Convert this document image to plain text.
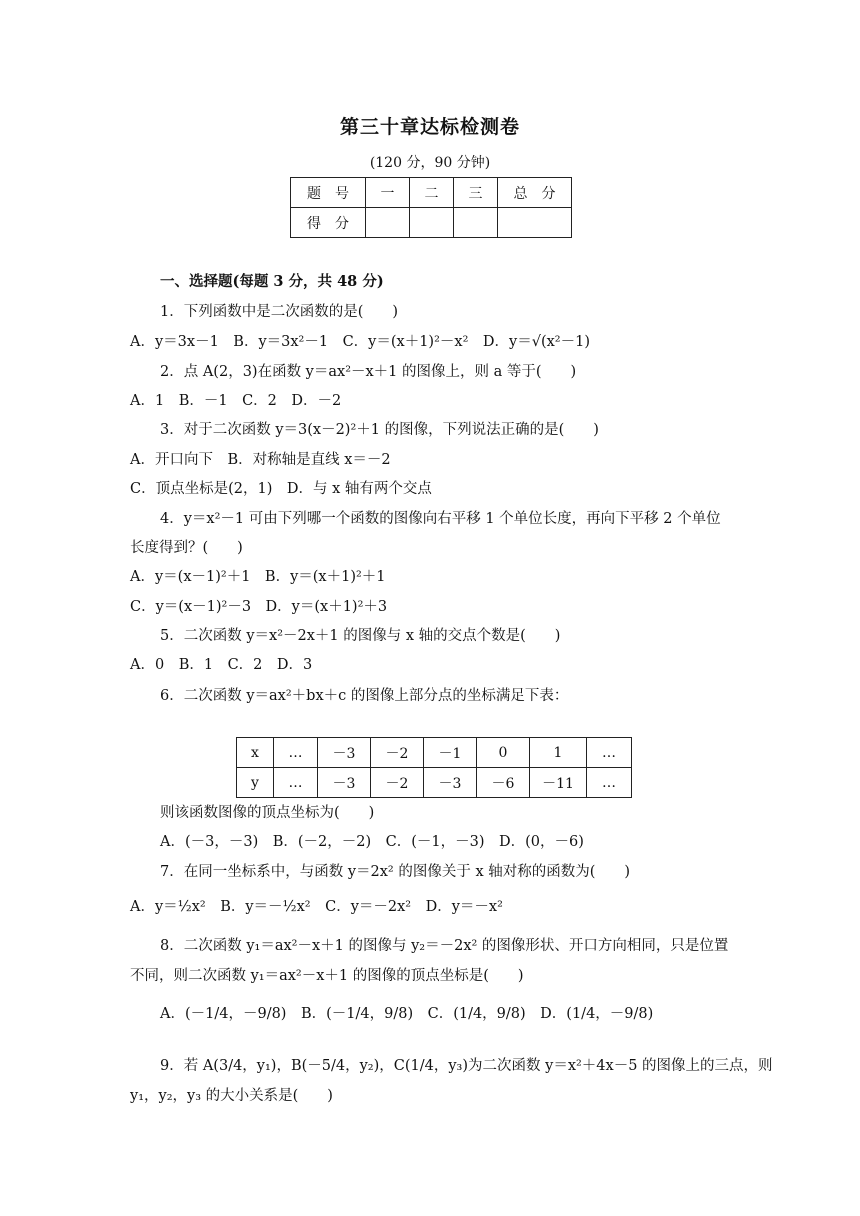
第三十章达标检测卷
(120 分，90 分钟)
题　号	一	二	三	总　分
得　分				
一、选择题(每题 3 分，共 48 分)
1．下列函数中是二次函数的是(　　)
A．y＝3x－1　B．y＝3x²－1　C．y＝(x＋1)²－x²　D．y＝√(x²－1)
2．点 A(2，3)在函数 y＝ax²－x＋1 的图像上，则 a 等于(　　)
A．1　B．－1　C．2　D．－2
3．对于二次函数 y＝3(x－2)²＋1 的图像，下列说法正确的是(　　)
A．开口向下　B．对称轴是直线 x＝－2
C．顶点坐标是(2，1)　D．与 x 轴有两个交点
4．y＝x²－1 可由下列哪一个函数的图像向右平移 1 个单位长度，再向下平移 2 个单位
长度得到？(　　)
A．y＝(x－1)²＋1　B．y＝(x＋1)²＋1
C．y＝(x－1)²－3　D．y＝(x＋1)²＋3
5．二次函数 y＝x²－2x＋1 的图像与 x 轴的交点个数是(　　)
A．0　B．1　C．2　D．3
6．二次函数 y＝ax²＋bx＋c 的图像上部分点的坐标满足下表：
x	…	－3	－2	－1	0	1	…
y	…	－3	－2	－3	－6	－11	…
则该函数图像的顶点坐标为(　　)
A．(－3，－3)　B．(－2，－2)　C．(－1，－3)　D．(0，－6)
7．在同一坐标系中，与函数 y＝2x² 的图像关于 x 轴对称的函数为(　　)
A．y＝½x²　B．y＝－½x²　C．y＝－2x²　D．y＝－x²
8．二次函数 y₁＝ax²－x＋1 的图像与 y₂＝－2x² 的图像形状、开口方向相同，只是位置
不同，则二次函数 y₁＝ax²－x＋1 的图像的顶点坐标是(　　)
A．(－1/4，－9/8)　B．(－1/4，9/8)　C．(1/4，9/8)　D．(1/4，－9/8)
9．若 A(3/4，y₁)，B(－5/4，y₂)，C(1/4，y₃)为二次函数 y＝x²＋4x－5 的图像上的三点，则
y₁，y₂，y₃ 的大小关系是(　　)
